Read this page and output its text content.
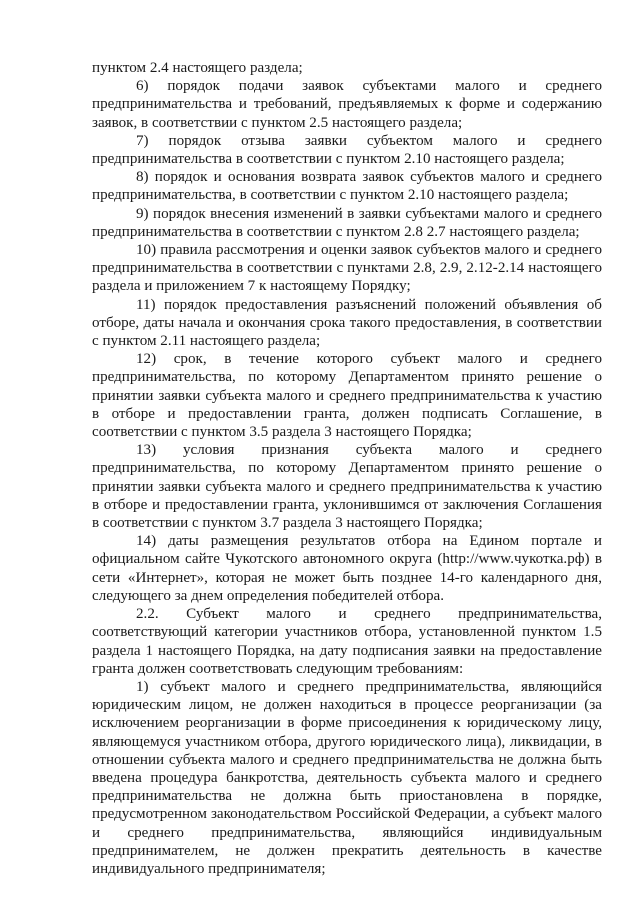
пунктом 2.4 настоящего раздела;

6) порядок подачи заявок субъектами малого и среднего предпринимательства и требований, предъявляемых к форме и содержанию заявок, в соответствии с пунктом 2.5 настоящего раздела;

7) порядок отзыва заявки субъектом малого и среднего предпринимательства в соответствии с пунктом 2.10 настоящего раздела;

8) порядок и основания возврата заявок субъектов малого и среднего предпринимательства, в соответствии с пунктом 2.10 настоящего раздела;

9) порядок внесения изменений в заявки субъектами малого и среднего предпринимательства в соответствии с пунктом 2.8 2.7 настоящего раздела;

10) правила рассмотрения и оценки заявок субъектов малого и среднего предпринимательства в соответствии с пунктами 2.8, 2.9, 2.12-2.14 настоящего раздела и приложением 7 к настоящему Порядку;

11) порядок предоставления разъяснений положений объявления об отборе, даты начала и окончания срока такого предоставления, в соответствии с пунктом 2.11 настоящего раздела;

12) срок, в течение которого субъект малого и среднего предпринимательства, по которому Департаментом принято решение о принятии заявки субъекта малого и среднего предпринимательства к участию в отборе и предоставлении гранта, должен подписать Соглашение, в соответствии с пунктом 3.5 раздела 3 настоящего Порядка;

13) условия признания субъекта малого и среднего предпринимательства, по которому Департаментом принято решение о принятии заявки субъекта малого и среднего предпринимательства к участию в отборе и предоставлении гранта, уклонившимся от заключения Соглашения в соответствии с пунктом 3.7 раздела 3 настоящего Порядка;

14) даты размещения результатов отбора на Едином портале и официальном сайте Чукотского автономного округа (http://www.чукотка.рф) в сети «Интернет», которая не может быть позднее 14-го календарного дня, следующего за днем определения победителей отбора.

2.2. Субъект малого и среднего предпринимательства, соответствующий категории участников отбора, установленной пунктом 1.5 раздела 1 настоящего Порядка, на дату подписания заявки на предоставление гранта должен соответствовать следующим требованиям:

1) субъект малого и среднего предпринимательства, являющийся юридическим лицом, не должен находиться в процессе реорганизации (за исключением реорганизации в форме присоединения к юридическому лицу, являющемуся участником отбора, другого юридического лица), ликвидации, в отношении субъекта малого и среднего предпринимательства не должна быть введена процедура банкротства, деятельность субъекта малого и среднего предпринимательства не должна быть приостановлена в порядке, предусмотренном законодательством Российской Федерации, а субъект малого и среднего предпринимательства, являющийся индивидуальным предпринимателем, не должен прекратить деятельность в качестве индивидуального предпринимателя;
